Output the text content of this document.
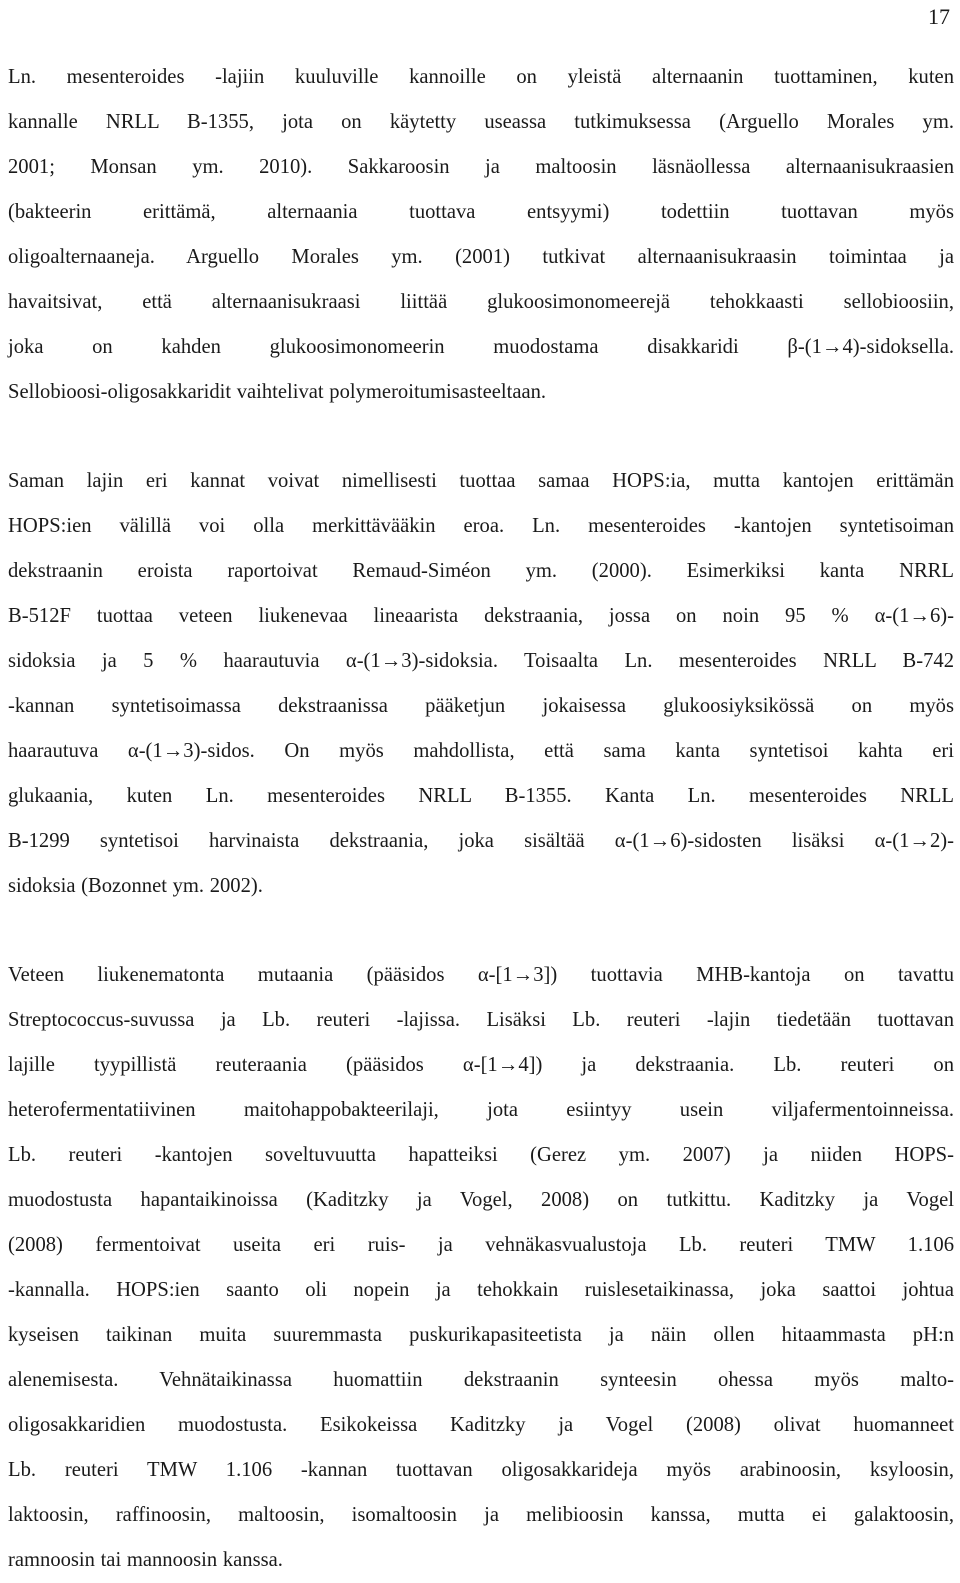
17

Ln. mesenteroides -lajiin kuuluville kannoille on yleistä alternaanin tuottaminen, kuten
kannalle NRLL B-1355, jota on käytetty useassa tutkimuksessa (Arguello Morales ym.
2001; Monsan ym. 2010). Sakkaroosin ja maltoosin läsnäollessa alternaanisukraasien
(bakteerin erittämä, alternaania tuottava entsyymi) todettiin tuottavan myös
oligoalternaaneja. Arguello Morales ym. (2001) tutkivat alternaanisukraasin toimintaa ja
havaitsivat, että alternaanisukraasi liittää glukoosimonomeerejä tehokkaasti sellobioosiin,
joka on kahden glukoosimonomeerin muodostama disakkaridi β-(1→4)-sidoksella.
Sellobioosi-oligosakkaridit vaihtelivat polymeroitumisasteeltaan.

Saman lajin eri kannat voivat nimellisesti tuottaa samaa HOPS:ia, mutta kantojen erittämän
HOPS:ien välillä voi olla merkittävääkin eroa. Ln. mesenteroides -kantojen syntetisoiman
dekstraanin eroista raportoivat Remaud-Siméon ym. (2000). Esimerkiksi kanta NRRL
B-512F tuottaa veteen liukenevaa lineaarista dekstraania, jossa on noin 95 % α-(1→6)-
sidoksia ja 5 % haarautuvia α-(1→3)-sidoksia. Toisaalta Ln. mesenteroides NRLL B-742
-kannan syntetisoimassa dekstraanissa pääketjun jokaisessa glukoosiyksikössä on myös
haarautuva α-(1→3)-sidos. On myös mahdollista, että sama kanta syntetisoi kahta eri
glukaania, kuten Ln. mesenteroides NRLL B-1355. Kanta Ln. mesenteroides NRLL
B-1299 syntetisoi harvinaista dekstraania, joka sisältää α-(1→6)-sidosten lisäksi α-(1→2)-
sidoksia (Bozonnet ym. 2002).

Veteen liukenematonta mutaania (pääsidos α-[1→3]) tuottavia MHB-kantoja on tavattu
Streptococcus-suvussa ja Lb. reuteri -lajissa. Lisäksi Lb. reuteri -lajin tiedetään tuottavan
lajille tyypillistä reuteraania (pääsidos α-[1→4]) ja dekstraania. Lb. reuteri on
heterofermentatiivinen maitohappobakteerilaji, jota esiintyy usein viljafermentoinneissa.
Lb. reuteri -kantojen soveltuvuutta hapatteiksi (Gerez ym. 2007) ja niiden HOPS-
muodostusta hapantaikinoissa (Kaditzky ja Vogel, 2008) on tutkittu. Kaditzky ja Vogel
(2008) fermentoivat useita eri ruis- ja vehnäkasvualustoja Lb. reuteri TMW 1.106
-kannalla. HOPS:ien saanto oli nopein ja tehokkain ruislesetaikinassa, joka saattoi johtua
kyseisen taikinan muita suuremmasta puskurikapasiteetista ja näin ollen hitaammasta pH:n
alenemisesta. Vehnätaikinassa huomattiin dekstraanin synteesin ohessa myös malto-
oligosakkaridien muodostusta. Esikokeissa Kaditzky ja Vogel (2008) olivat huomanneet
Lb. reuteri TMW 1.106 -kannan tuottavan oligosakkarideja myös arabinoosin, ksyloosin,
laktoosin, raffinoosin, maltoosin, isomaltoosin ja melibioosin kanssa, mutta ei galaktoosin,
ramnoosin tai mannoosin kanssa.
